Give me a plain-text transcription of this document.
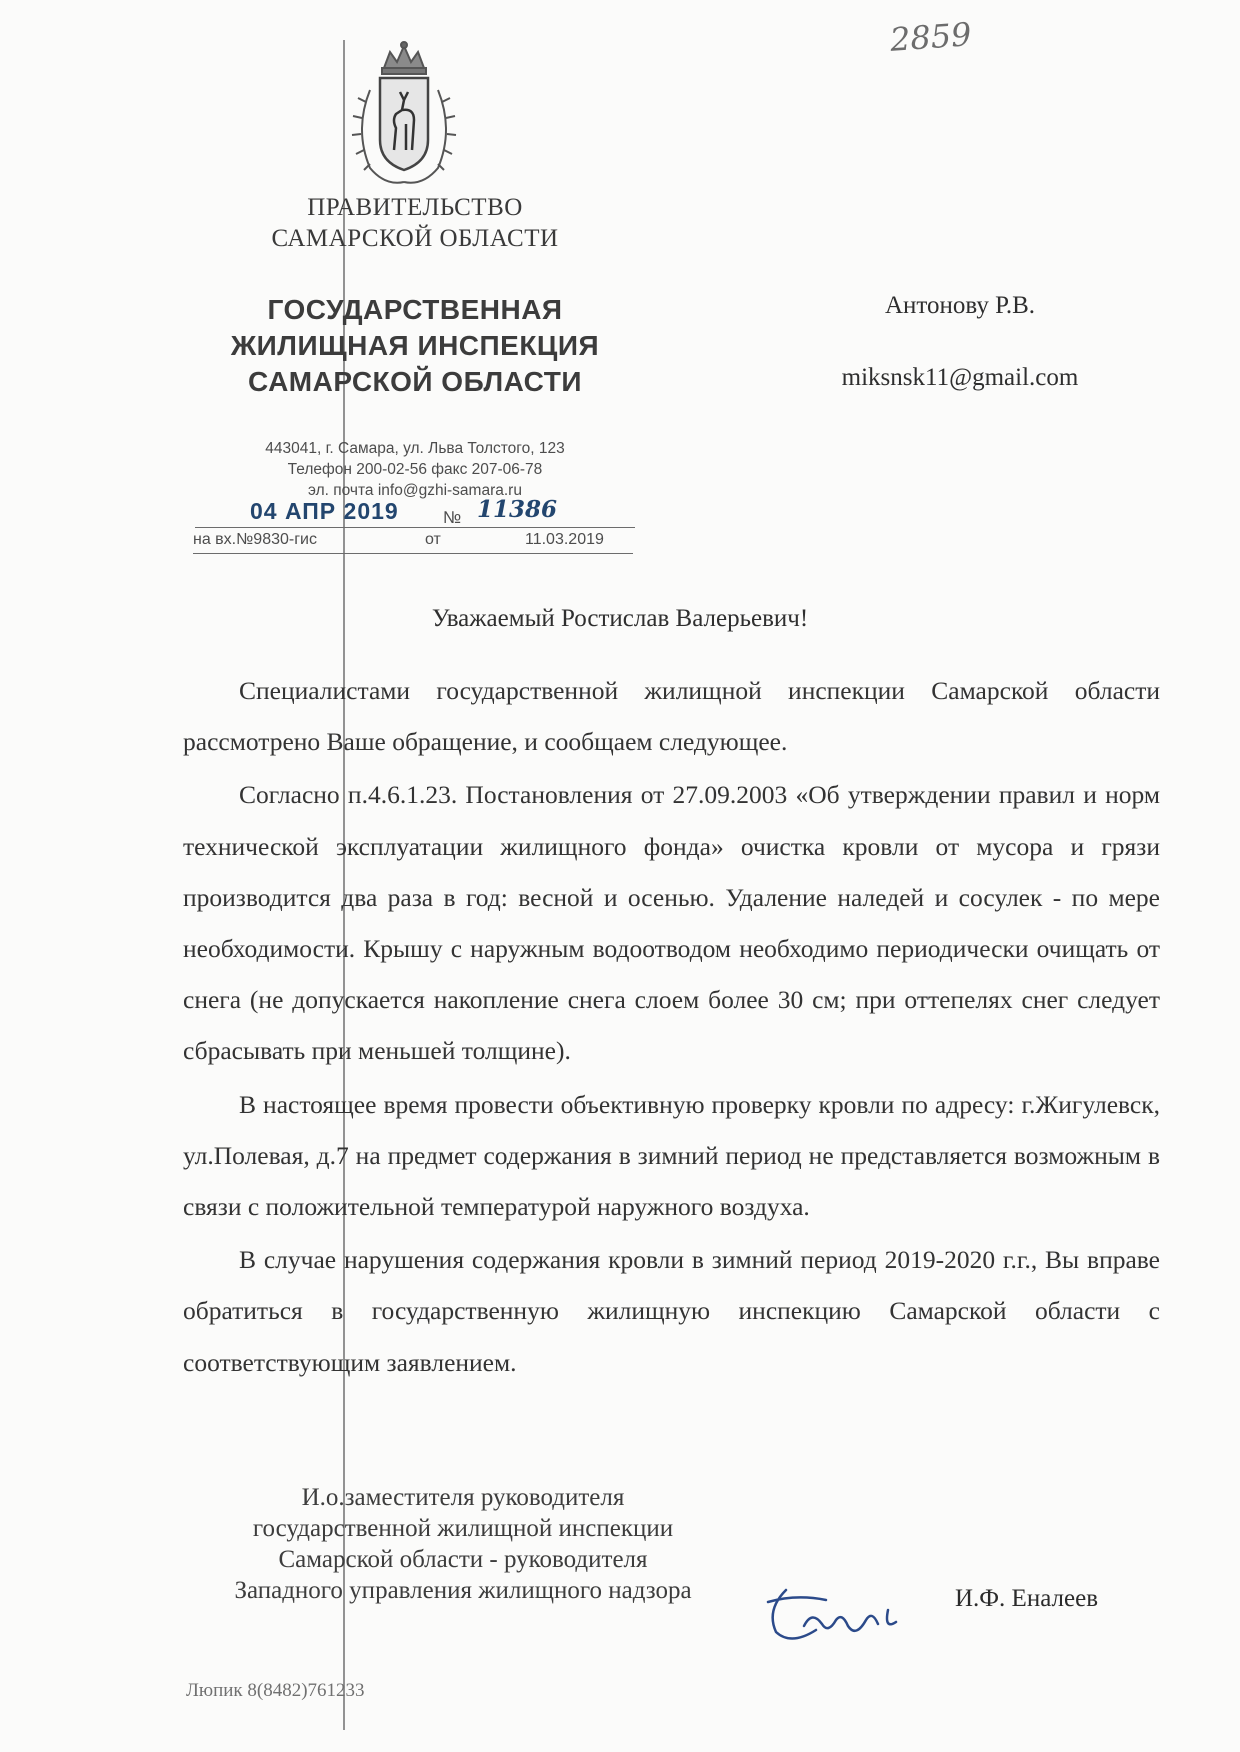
2859
ПРАВИТЕЛЬСТВО
САМАРСКОЙ ОБЛАСТИ
ГОСУДАРСТВЕННАЯ
ЖИЛИЩНАЯ ИНСПЕКЦИЯ
САМАРСКОЙ ОБЛАСТИ
443041, г. Самара, ул. Льва Толстого, 123
Телефон 200-02-56 факс 207-06-78
эл. почта info@gzhi-samara.ru
04 АПР 2019	№ 11386
на вх.№9830-гис	от	11.03.2019
Антонову Р.В.
miksnsk11@gmail.com
Уважаемый Ростислав Валерьевич!

Специалистами государственной жилищной инспекции Самарской области рассмотрено Ваше обращение, и сообщаем следующее.

Согласно п.4.6.1.23. Постановления от 27.09.2003 «Об утверждении правил и норм технической эксплуатации жилищного фонда» очистка кровли от мусора и грязи производится два раза в год: весной и осенью. Удаление наледей и сосулек - по мере необходимости. Крышу с наружным водоотводом необходимо периодически очищать от снега (не допускается накопление снега слоем более 30 см; при оттепелях снег следует сбрасывать при меньшей толщине).

В настоящее время провести объективную проверку кровли по адресу: г.Жигулевск, ул.Полевая, д.7 на предмет содержания в зимний период не представляется возможным в связи с положительной температурой наружного воздуха.

В случае нарушения содержания кровли в зимний период 2019-2020 г.г., Вы вправе обратиться в государственную жилищную инспекцию Самарской области с соответствующим заявлением.

И.о.заместителя руководителя
государственной жилищной инспекции
Самарской области - руководителя
Западного управления жилищного надзора	И.Ф. Еналеев
Люпик 8(8482)761233
